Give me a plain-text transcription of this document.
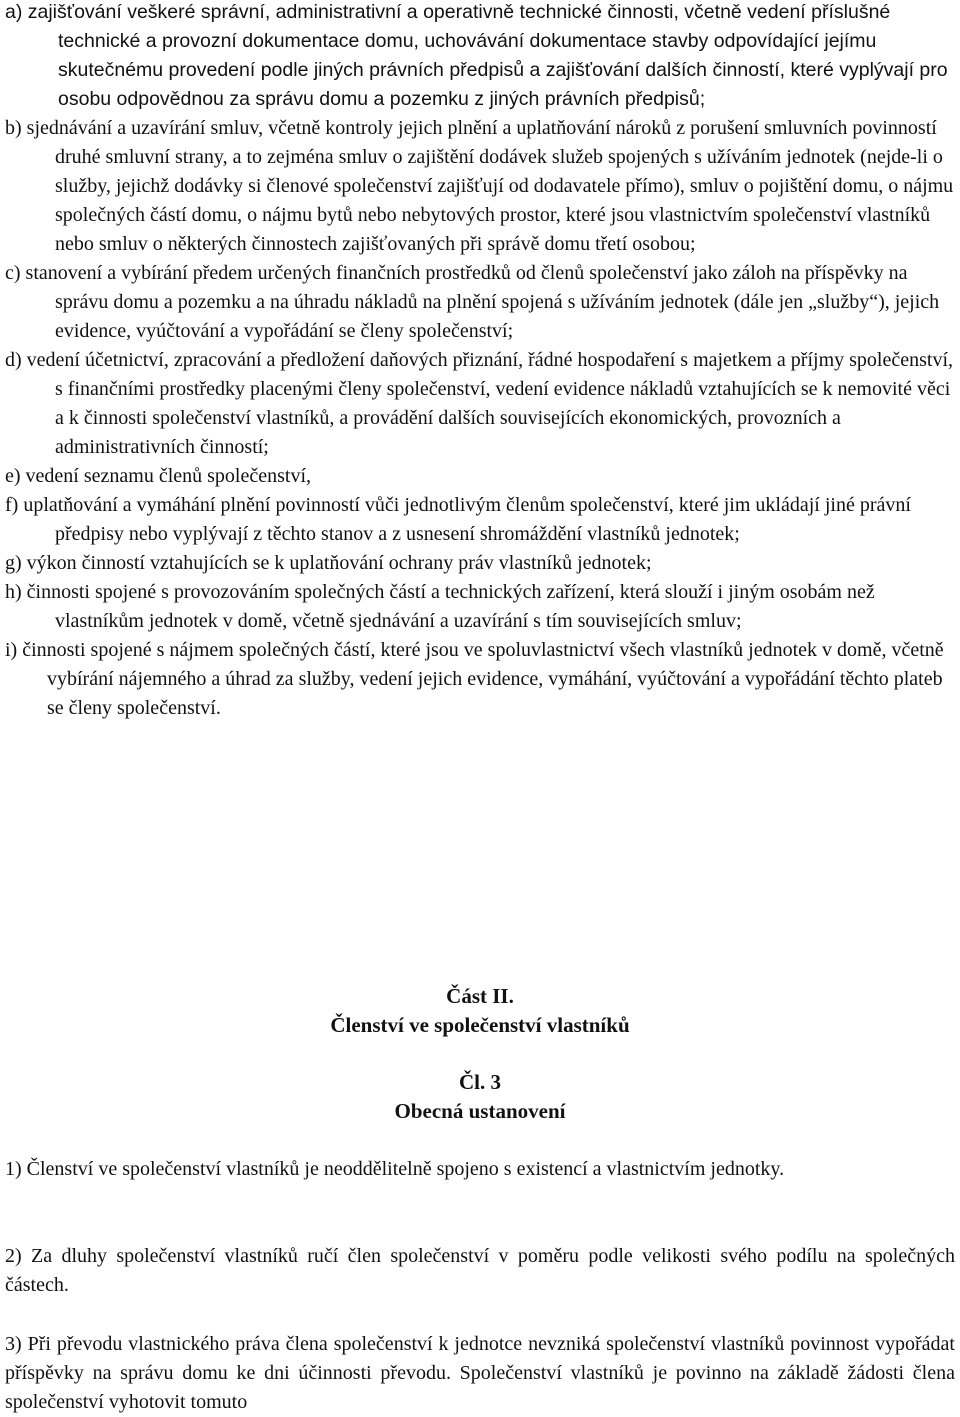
a) zajišťování veškeré správní, administrativní a operativně technické činnosti, včetně vedení příslušné technické a provozní dokumentace domu, uchovávání dokumentace stavby odpovídající jejímu skutečnému provedení podle jiných právních předpisů a zajišťování dalších činností, které vyplývají pro osobu odpovědnou za správu domu a pozemku z jiných právních předpisů;

b) sjednávání a uzavírání smluv, včetně kontroly jejich plnění a uplatňování nároků z porušení smluvních povinností druhé smluvní strany, a to zejména smluv o zajištění dodávek služeb spojených s užíváním jednotek (nejde-li o služby, jejichž dodávky si členové společenství zajišťují od dodavatele přímo), smluv o pojištění domu, o nájmu společných částí domu, o nájmu bytů nebo nebytových prostor, které jsou vlastnictvím společenství vlastníků nebo smluv o některých činnostech zajišťovaných při správě domu třetí osobou;

c) stanovení a vybírání předem určených finančních prostředků od členů společenství jako záloh na příspěvky na správu domu a pozemku a na úhradu nákladů na plnění spojená s užíváním jednotek (dále jen „služby“), jejich evidence, vyúčtování a vypořádání se členy společenství;

d) vedení účetnictví, zpracování a předložení daňových přiznání, řádné hospodaření s majetkem a příjmy společenství, s finančními prostředky placenými členy společenství, vedení evidence nákladů vztahujících se k nemovité věci a k činnosti společenství vlastníků, a provádění dalších souvisejících ekonomických, provozních a administrativních činností;

e) vedení seznamu členů společenství,

f) uplatňování a vymáhání plnění povinností vůči jednotlivým členům společenství, které jim ukládají jiné právní předpisy nebo vyplývají z těchto stanov a z usnesení shromáždění vlastníků jednotek;

g) výkon činností vztahujících se k uplatňování ochrany práv vlastníků jednotek;

h) činnosti spojené s provozováním společných částí a technických zařízení, která slouží i jiným osobám než vlastníkům jednotek v domě, včetně sjednávání a uzavírání s tím souvisejících smluv;

i) činnosti spojené s nájmem společných částí, které jsou ve spoluvlastnictví všech vlastníků jednotek v domě, včetně vybírání nájemného a úhrad za služby, vedení jejich evidence, vymáhání, vyúčtování a vypořádání těchto plateb se členy společenství.

Část II.
Členství ve společenství vlastníků
Čl. 3
Obecná ustanovení

1) Členství ve společenství vlastníků je neoddělitelně spojeno s existencí a vlastnictvím jednotky.

2) Za dluhy společenství vlastníků ručí člen společenství v poměru podle velikosti svého podílu na společných částech.

3) Při převodu vlastnického práva člena společenství k jednotce nevzniká společenství vlastníků povinnost vypořádat příspěvky na správu domu ke dni účinnosti převodu. Společenství vlastníků je povinno na základě žádosti člena společenství vyhotovit tomuto
